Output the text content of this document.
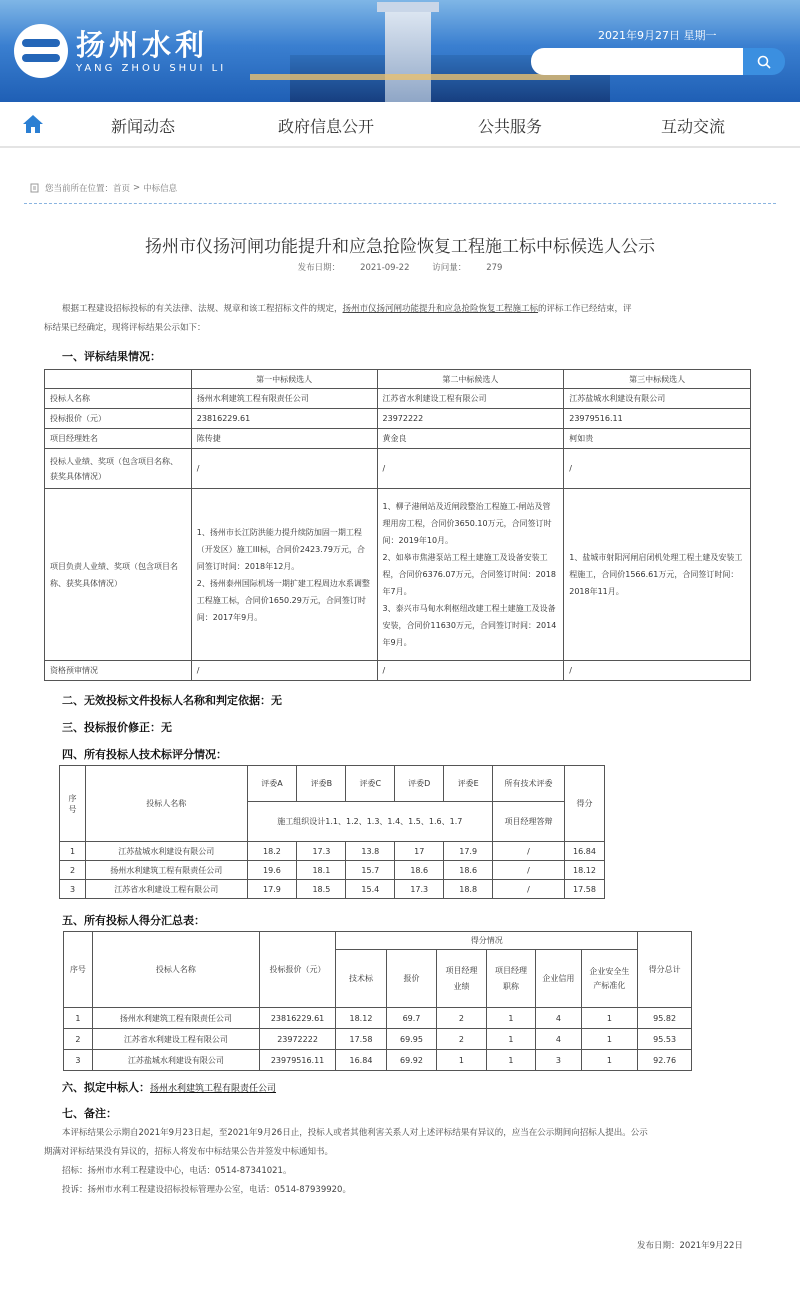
扬州水利
YANG ZHOU SHUI LI
2021年9月27日 星期一
新闻动态	政府信息公开	公共服务	互动交流
您当前所在位置： 首页 > 中标信息
扬州市仪扬河闸功能提升和应急抢险恢复工程施工标中标候选人公示
发布日期： 2021-09-22	访问量： 279
根据工程建设招标投标的有关法律、法规、规章和该工程招标文件的规定，扬州市仪扬河闸功能提升和应急抢险恢复工程施工标的评标工作已经结束，评
标结果已经确定，现将评标结果公示如下：
一、评标结果情况：
	第一中标候选人	第二中标候选人	第三中标候选人
投标人名称	扬州水利建筑工程有限责任公司	江苏省水利建设工程有限公司	江苏盐城水利建设有限公司
投标报价（元）	23816229.61	23972222	23979516.11
项目经理姓名	陈传捷	黄金良	柯如贵
投标人业绩、奖项（包含项目名称、获奖具体情况）	/	/	/
项目负责人业绩、奖项（包含项目名称、获奖具体情况）	1、扬州市长江防洪能力提升续防加固一期工程（开发区）施工III标，合同价2423.79万元，合同签订时间：2018年12月。
2、扬州泰州国际机场一期扩建工程周边水系调整工程施工标，合同价1650.29万元，合同签订时间：2017年9月。	1、柳子港闸站及近闸段整治工程施工-闸站及管理用房工程，合同价3650.10万元，合同签订时间：2019年10月。
2、如皋市焦港泵站工程土建施工及设备安装工程，合同价6376.07万元，合同签订时间：2018年7月。
3、泰兴市马甸水利枢纽改建工程土建施工及设备安装，合同价11630万元，合同签订时间：2014年9月。	1、盐城市射阳河闸启闭机处理工程土建及安装工程施工，合同价1566.61万元，合同签订时间：2018年11月。
资格预审情况	/	/	/
二、无效投标文件投标人名称和判定依据：无
三、投标报价修正：无
四、所有投标人技术标评分情况：
序号	投标人名称	评委A	评委B	评委C	评委D	评委E	所有技术评委	得分
		施工组织设计1.1、1.2、1.3、1.4、1.5、1.6、1.7					项目经理答辩	
1	江苏盐城水利建设有限公司	18.2	17.3	13.8	17	17.9	/	16.84
2	扬州水利建筑工程有限责任公司	19.6	18.1	15.7	18.6	18.6	/	18.12
3	江苏省水利建设工程有限公司	17.9	18.5	15.4	17.3	18.8	/	17.58
五、所有投标人得分汇总表：
序号	投标人名称	投标报价（元）	得分情况						得分总计
			技术标	报价	项目经理业绩	项目经理职称	企业信用	企业安全生产标准化	
1	扬州水利建筑工程有限责任公司	23816229.61	18.12	69.7	2	1	4	1	95.82
2	江苏省水利建设工程有限公司	23972222	17.58	69.95	2	1	4	1	95.53
3	江苏盐城水利建设有限公司	23979516.11	16.84	69.92	1	1	3	1	92.76
六、拟定中标人：扬州水利建筑工程有限责任公司
七、备注：
本评标结果公示期自2021年9月23日起，至2021年9月26日止，投标人或者其他利害关系人对上述评标结果有异议的，应当在公示期间向招标人提出。公示
期满对评标结果没有异议的，招标人将发布中标结果公告并签发中标通知书。
招标：扬州市水利工程建设中心，电话：0514-87341021。
投诉：扬州市水利工程建设招标投标管理办公室，电话：0514-87939920。
发布日期：2021年9月22日
